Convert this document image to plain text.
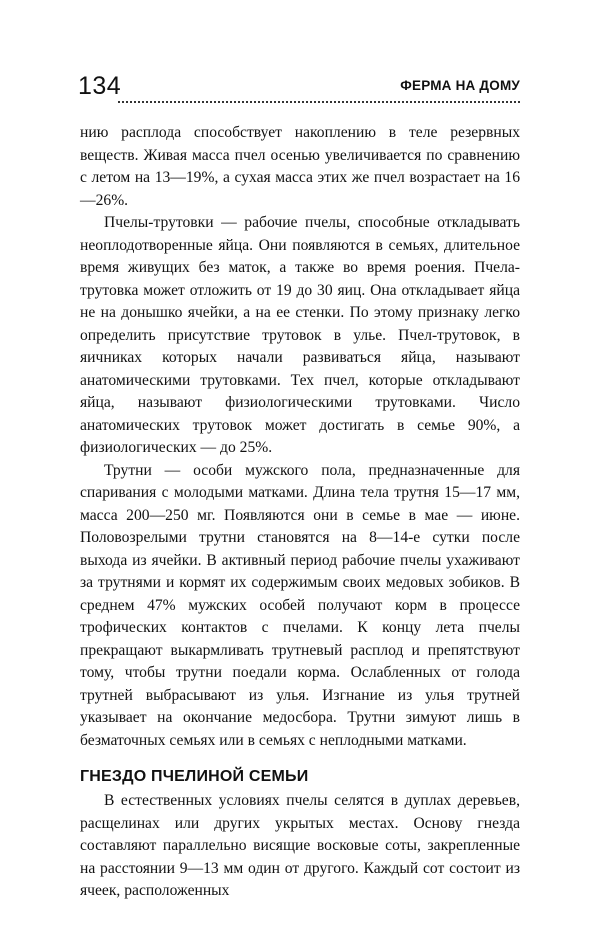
134	ФЕРМА НА ДОМУ

нию расплода способствует накоплению в теле резервных веществ. Живая масса пчел осенью увеличивается по сравнению с летом на 13—19%, а сухая масса этих же пчел возрастает на 16—26%.

Пчелы-трутовки — рабочие пчелы, способные откладывать неоплодотворенные яйца. Они появляются в семьях, длительное время живущих без маток, а также во время роения. Пчела-трутовка может отложить от 19 до 30 яиц. Она откладывает яйца не на донышко ячейки, а на ее стенки. По этому признаку легко определить присутствие трутовок в улье. Пчел-трутовок, в яичниках которых начали развиваться яйца, называют анатомическими трутовками. Тех пчел, которые откладывают яйца, называют физиологическими трутовками. Число анатомических трутовок может достигать в семье 90%, а физиологических — до 25%.

Трутни — особи мужского пола, предназначенные для спаривания с молодыми матками. Длина тела трутня 15—17 мм, масса 200—250 мг. Появляются они в семье в мае — июне. Половозрелыми трутни становятся на 8—14-е сутки после выхода из ячейки. В активный период рабочие пчелы ухаживают за трутнями и кормят их содержимым своих медовых зобиков. В среднем 47% мужских особей получают корм в процессе трофических контактов с пчелами. К концу лета пчелы прекращают выкармливать трутневый расплод и препятствуют тому, чтобы трутни поедали корма. Ослабленных от голода трутней выбрасывают из улья. Изгнание из улья трутней указывает на окончание медосбора. Трутни зимуют лишь в безматочных семьях или в семьях с неплодными матками.

ГНЕЗДО ПЧЕЛИНОЙ СЕМЬИ

В естественных условиях пчелы селятся в дуплах деревьев, расщелинах или других укрытых местах. Основу гнезда составляют параллельно висящие восковые соты, закрепленные на расстоянии 9—13 мм один от другого. Каждый сот состоит из ячеек, расположенных
